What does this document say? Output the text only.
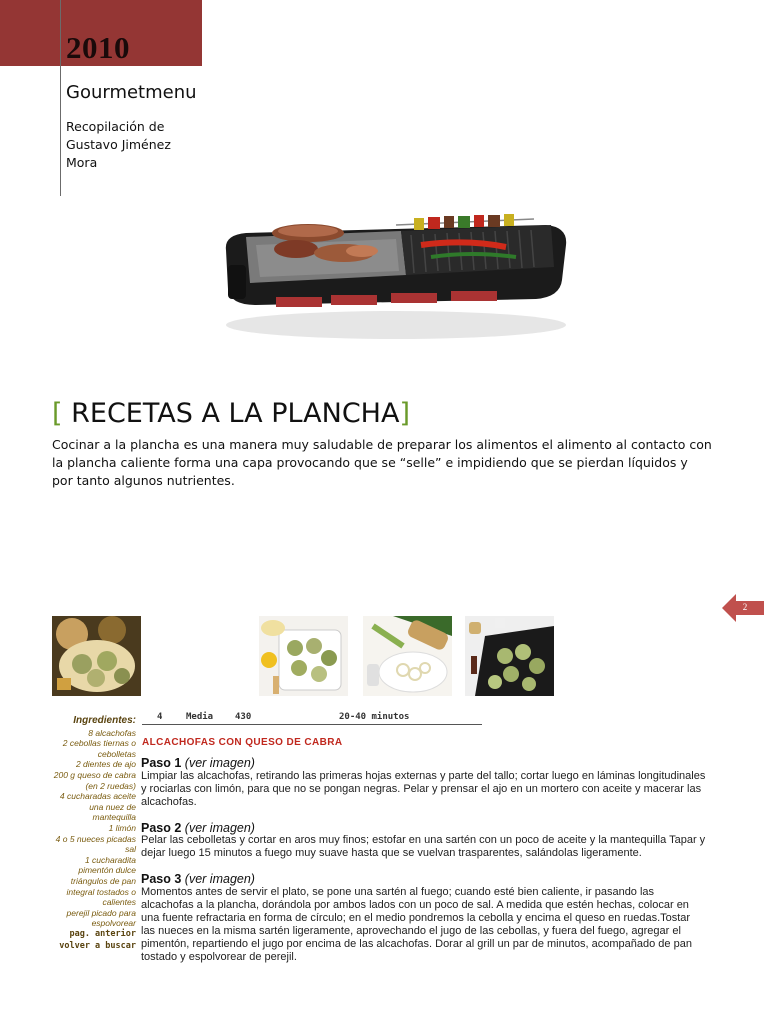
2010
Gourmetmenu
Recopilación de Gustavo Jiménez Mora
[ RECETAS A LA PLANCHA]
Cocinar a la plancha es una manera muy saludable de preparar los alimentos el alimento al contacto con la plancha caliente forma una capa provocando que se “selle” e impidiendo que se pierdan líquidos y por tanto algunos nutrientes.
2
Ingredientes:
8 alcachofas
2 cebollas tiernas o cebolletas
2 dientes de ajo
200 g queso de cabra (en 2 ruedas)
4 cucharadas aceite
una nuez de mantequilla
1 limón
4 o 5 nueces picadas
sal
1 cucharadita pimentón dulce
triángulos de pan integral tostados o calientes
perejil picado para espolvorear
pag. anterior
volver a buscar
4	Media 430	20-40 minutos
ALCACHOFAS CON QUESO DE CABRA
Paso 1 (ver imagen)
Limpiar las alcachofas, retirando las primeras hojas externas y parte del tallo; cortar luego en láminas longitudinales y rociarlas con limón, para que no se pongan negras. Pelar y prensar el ajo en un mortero con aceite y macerar las alcachofas.
Paso 2 (ver imagen)
Pelar las cebolletas y cortar en aros muy finos; estofar en una sartén con un poco de aceite y la mantequilla Tapar y dejar luego 15 minutos a fuego muy suave hasta que se vuelvan trasparentes, salándolas ligeramente.
Paso 3 (ver imagen)
Momentos antes de servir el plato, se pone una sartén al fuego; cuando esté bien caliente, ir pasando las alcachofas a la plancha, dorándola por ambos lados con un poco de sal. A medida que estén hechas, colocar en una fuente refractaria en forma de círculo; en el medio pondremos la cebolla y encima el queso en ruedas.Tostar las nueces en la misma sartén ligeramente, aprovechando el jugo de las cebollas, y fuera del fuego, agregar el pimentón, repartiendo el jugo por encima de las alcachofas. Dorar al grill un par de minutos, acompañado de pan tostado y espolvorear de perejil.
